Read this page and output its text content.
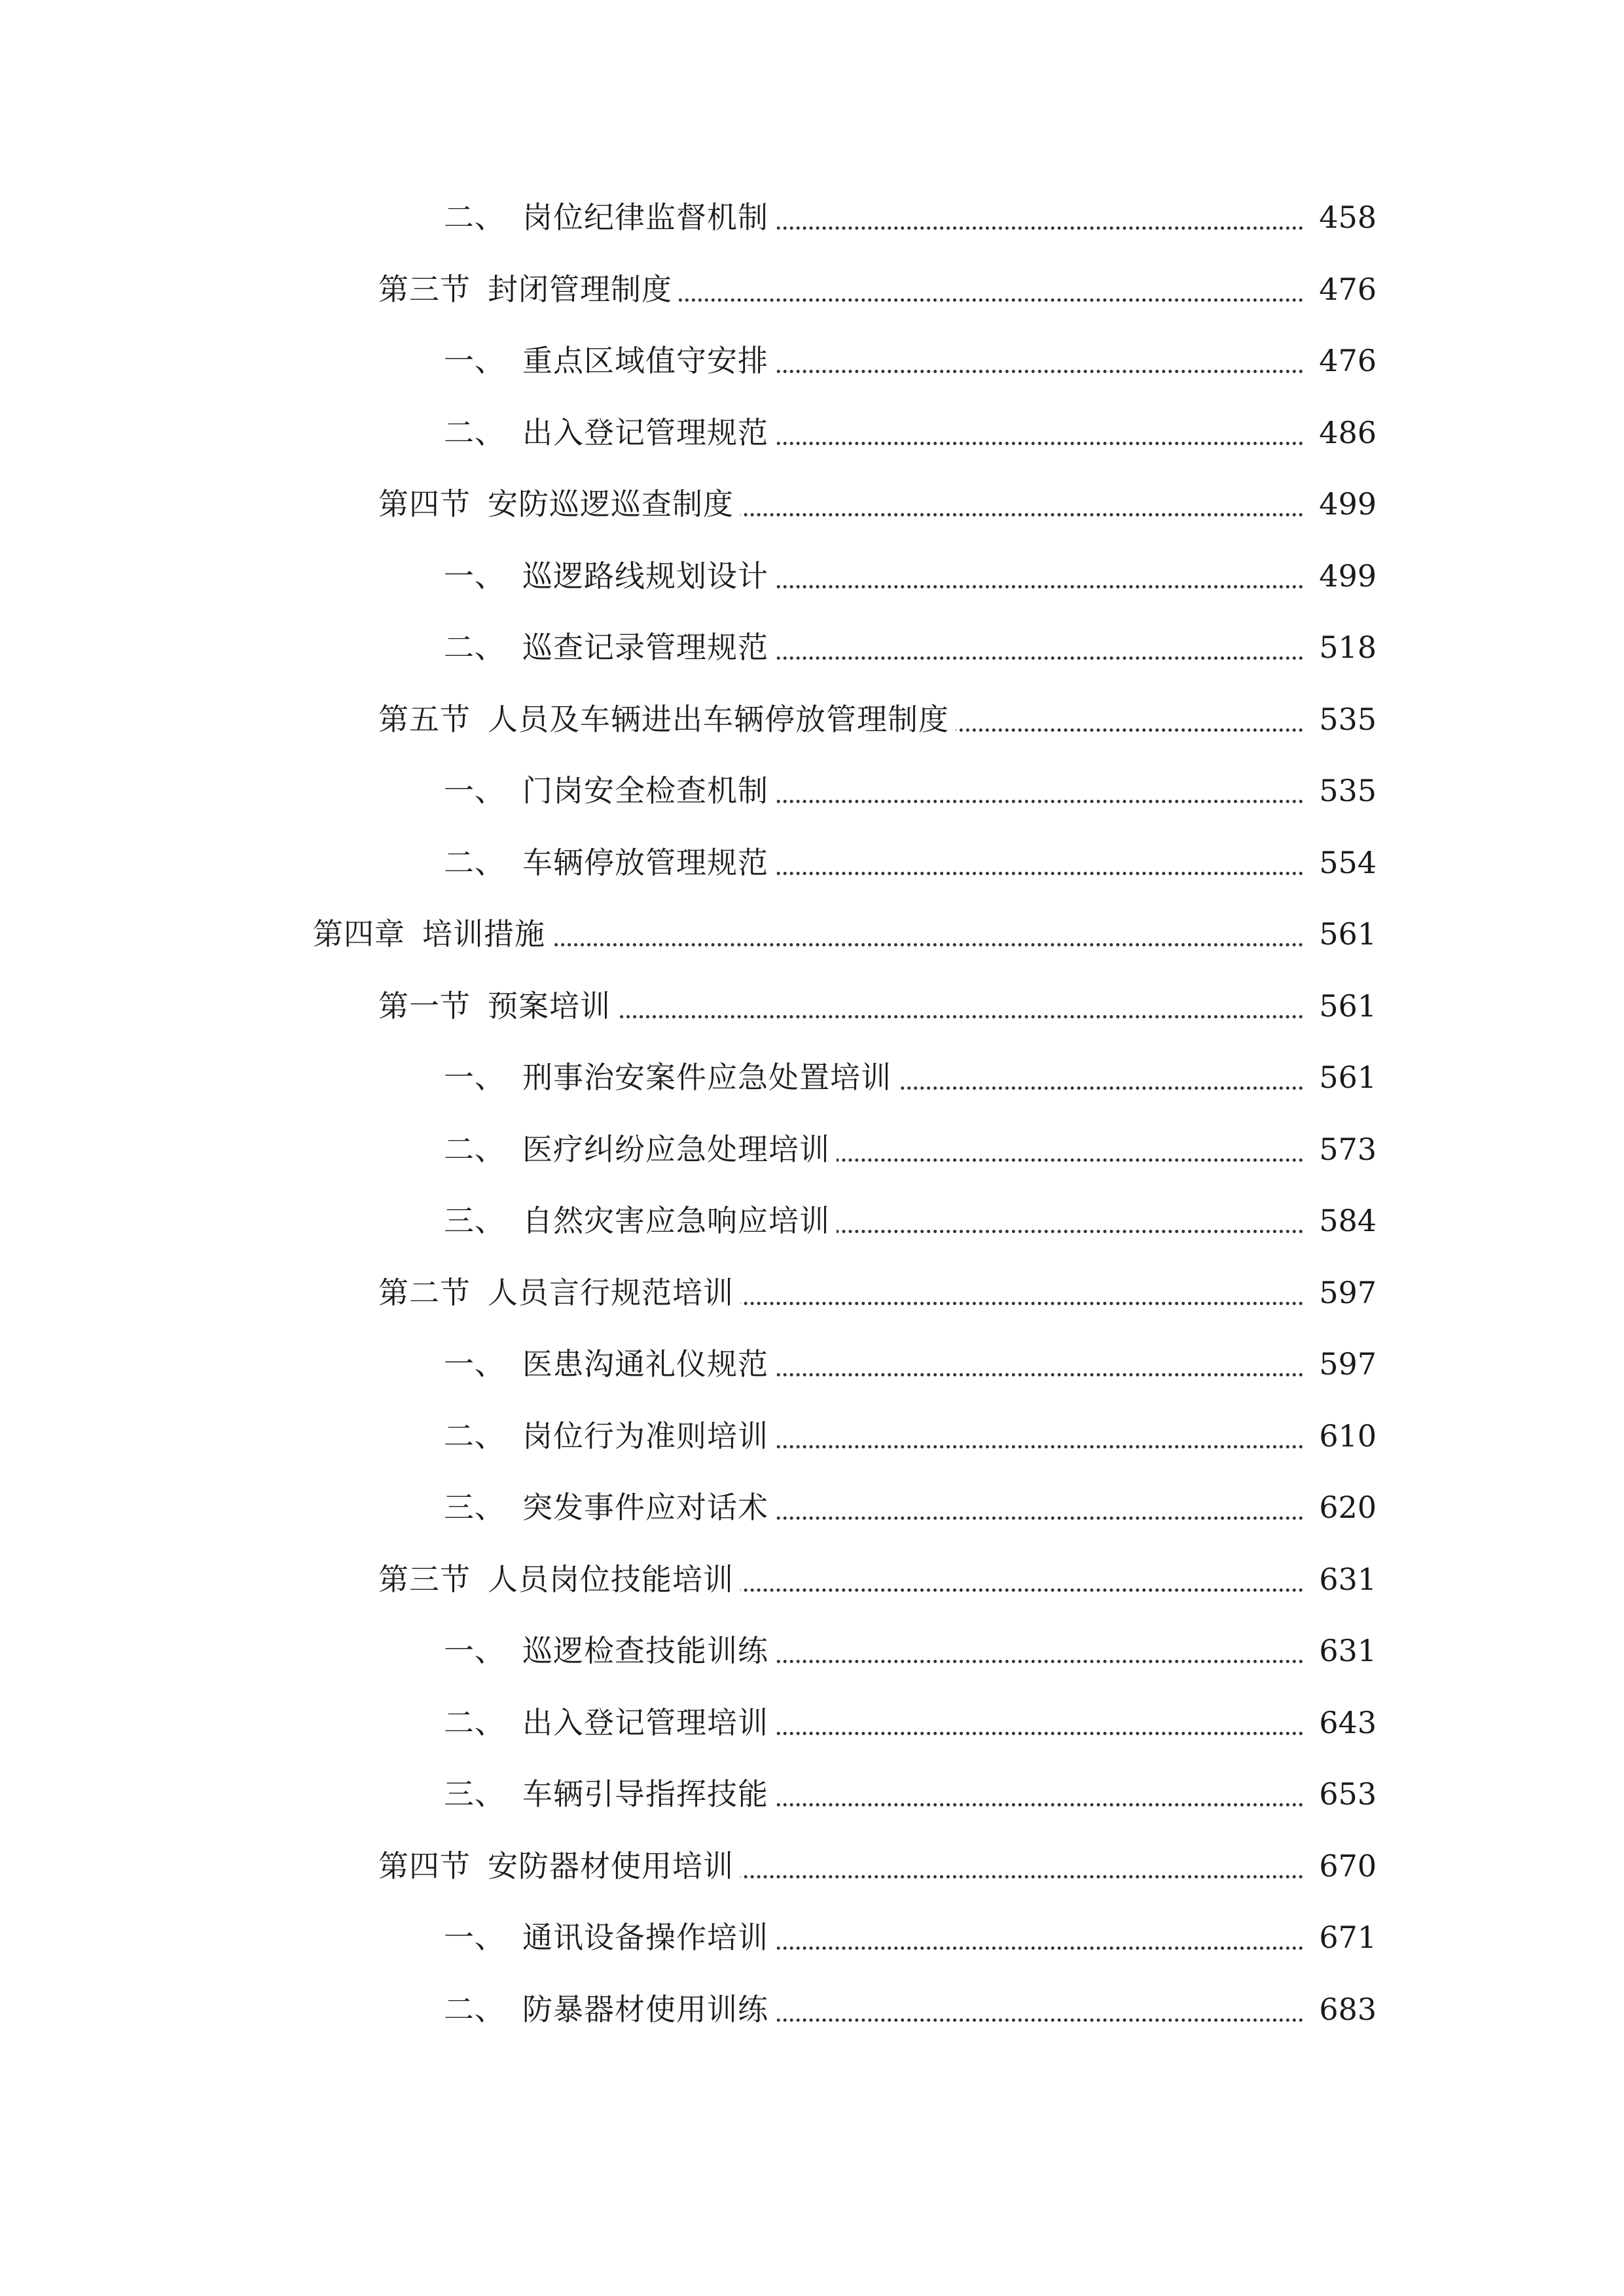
二、 岗位纪律监督机制	458
第三节 封闭管理制度	476
一、 重点区域值守安排	476
二、 出入登记管理规范	486
第四节 安防巡逻巡查制度	499
一、 巡逻路线规划设计	499
二、 巡查记录管理规范	518
第五节 人员及车辆进出车辆停放管理制度	535
一、 门岗安全检查机制	535
二、 车辆停放管理规范	554
第四章 培训措施	561
第一节 预案培训	561
一、 刑事治安案件应急处置培训	561
二、 医疗纠纷应急处理培训	573
三、 自然灾害应急响应培训	584
第二节 人员言行规范培训	597
一、 医患沟通礼仪规范	597
二、 岗位行为准则培训	610
三、 突发事件应对话术	620
第三节 人员岗位技能培训	631
一、 巡逻检查技能训练	631
二、 出入登记管理培训	643
三、 车辆引导指挥技能	653
第四节 安防器材使用培训	670
一、 通讯设备操作培训	671
二、 防暴器材使用训练	683
